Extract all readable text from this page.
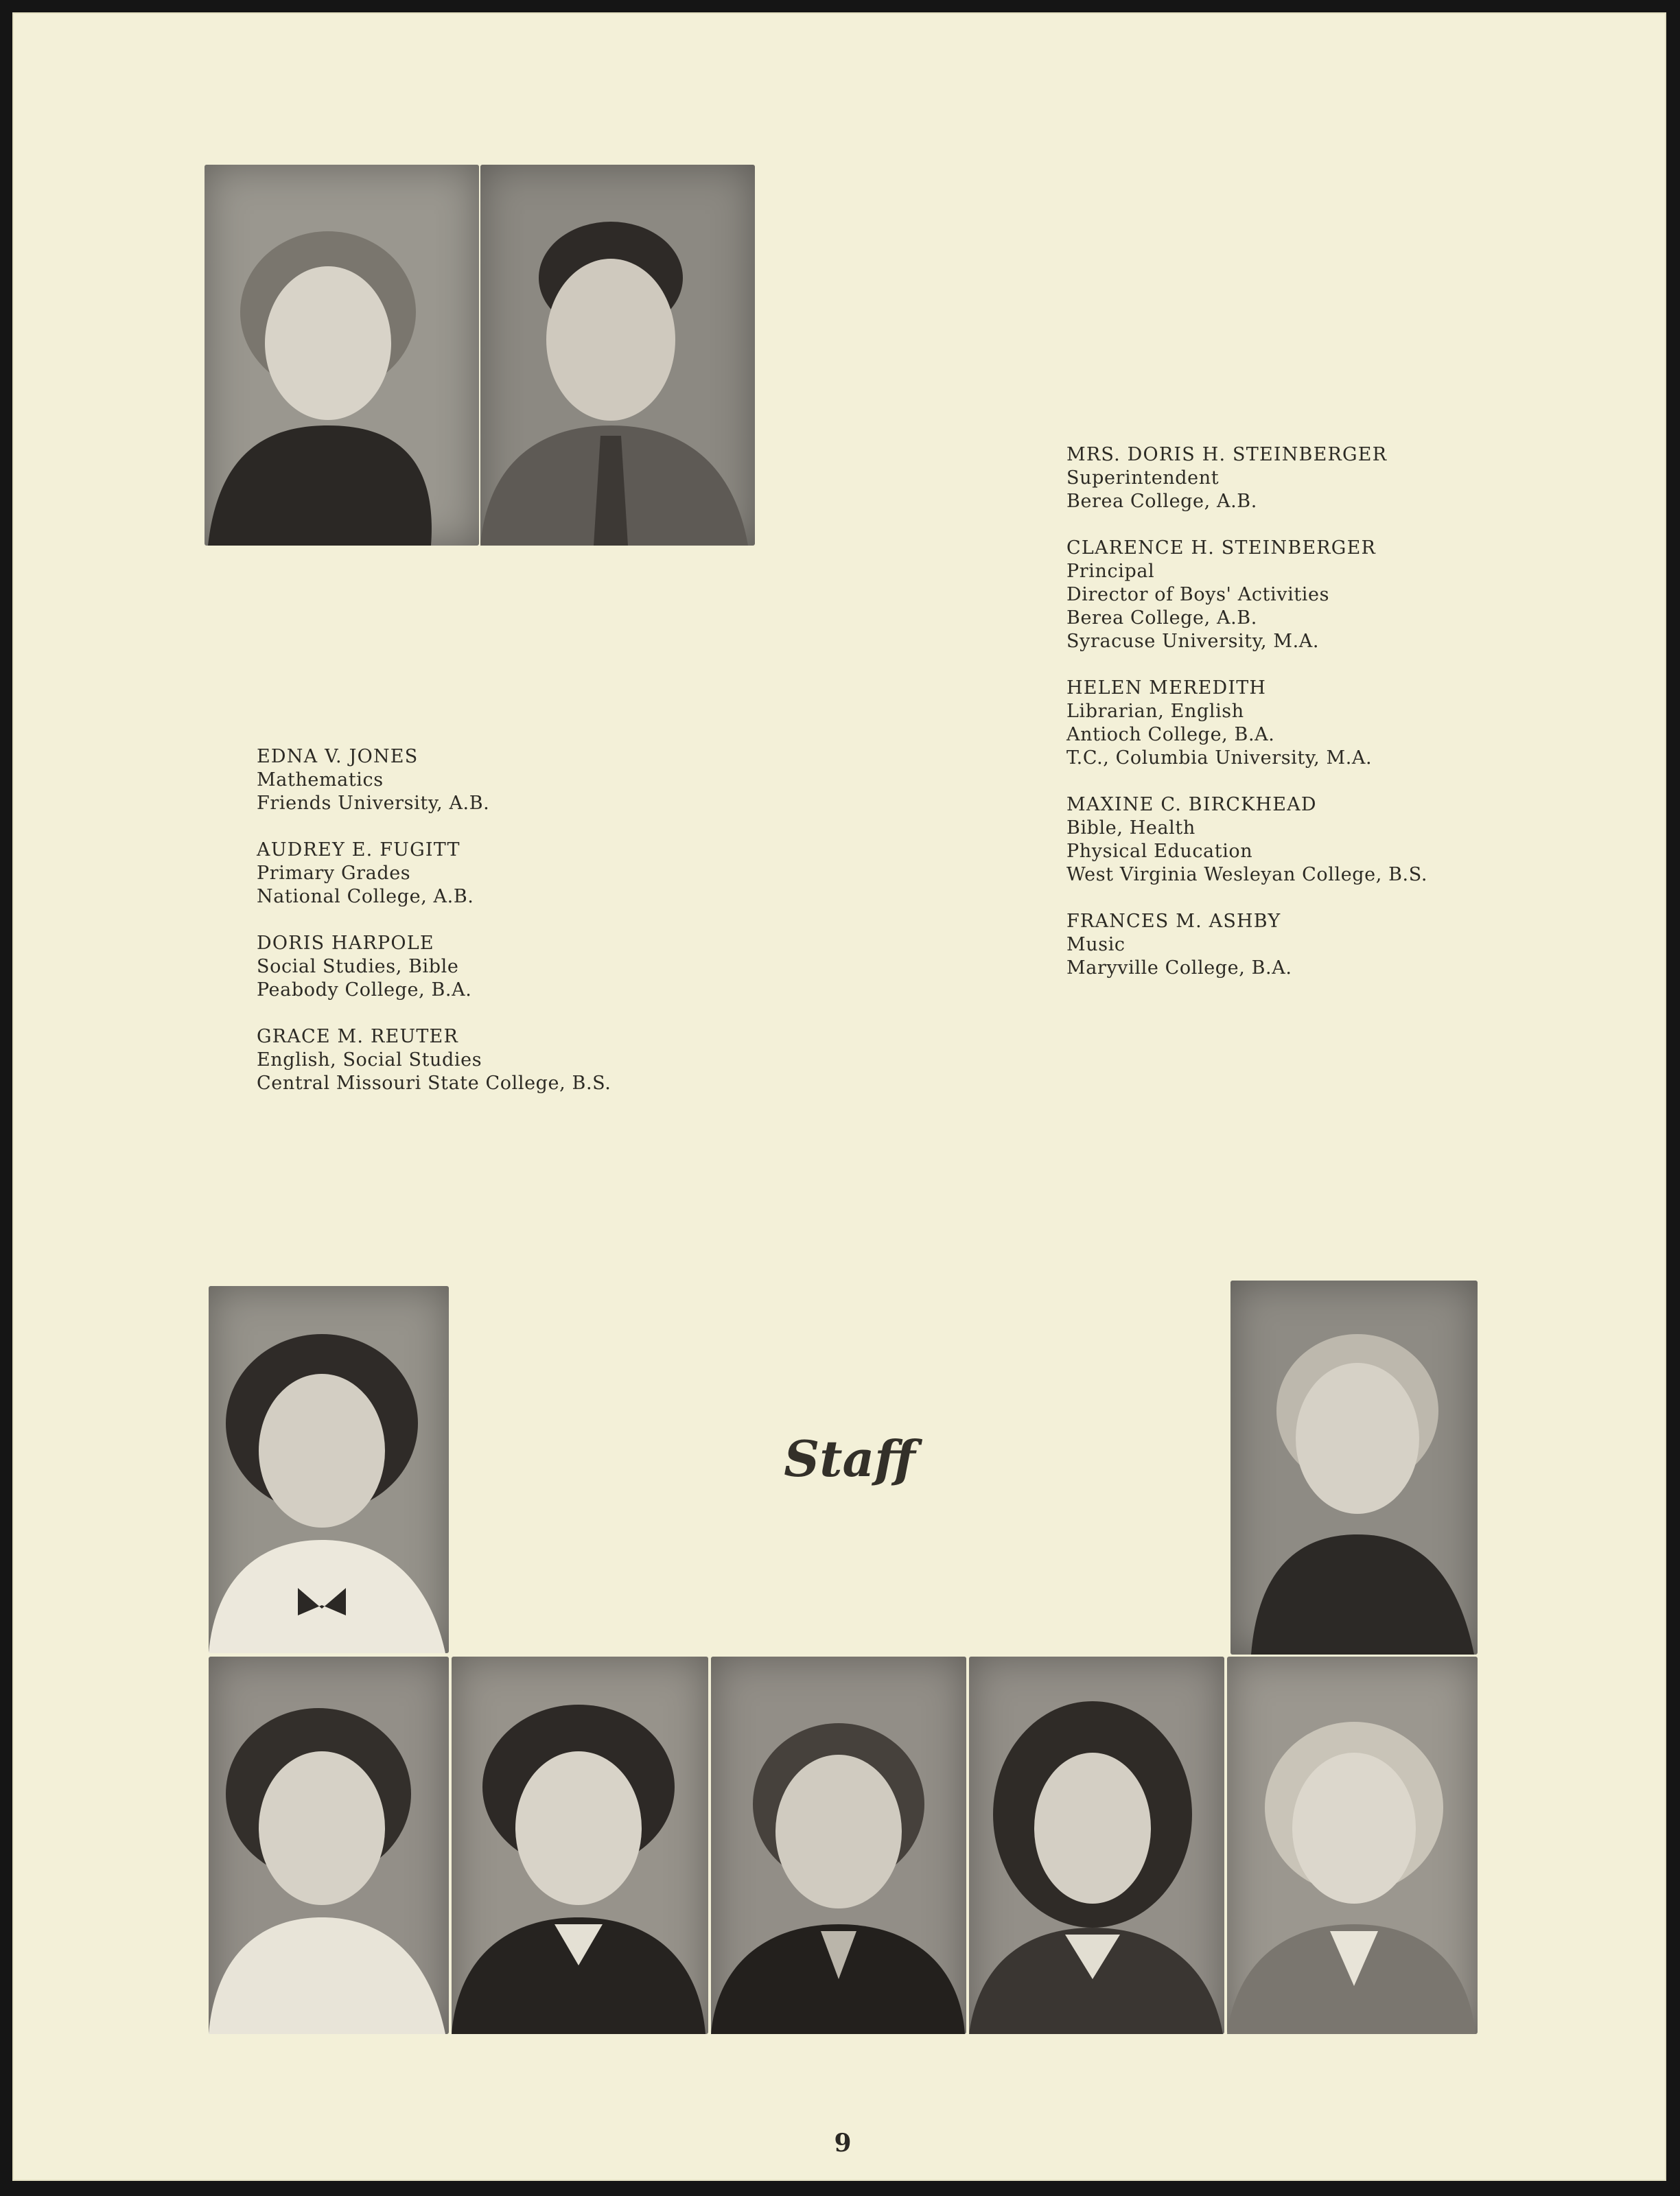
MRS. DORIS H. STEINBERGER
Superintendent
Berea College, A.B.
CLARENCE H. STEINBERGER
Principal
Director of Boys' Activities
Berea College, A.B.
Syracuse University, M.A.
HELEN MEREDITH
Librarian, English
Antioch College, B.A.
T.C., Columbia University, M.A.
MAXINE C. BIRCKHEAD
Bible, Health
Physical Education
West Virginia Wesleyan College, B.S.
FRANCES M. ASHBY
Music
Maryville College, B.A.
EDNA V. JONES
Mathematics
Friends University, A.B.
AUDREY E. FUGITT
Primary Grades
National College, A.B.
DORIS HARPOLE
Social Studies, Bible
Peabody College, B.A.
GRACE M. REUTER
English, Social Studies
Central Missouri State College, B.S.
Staff
9
